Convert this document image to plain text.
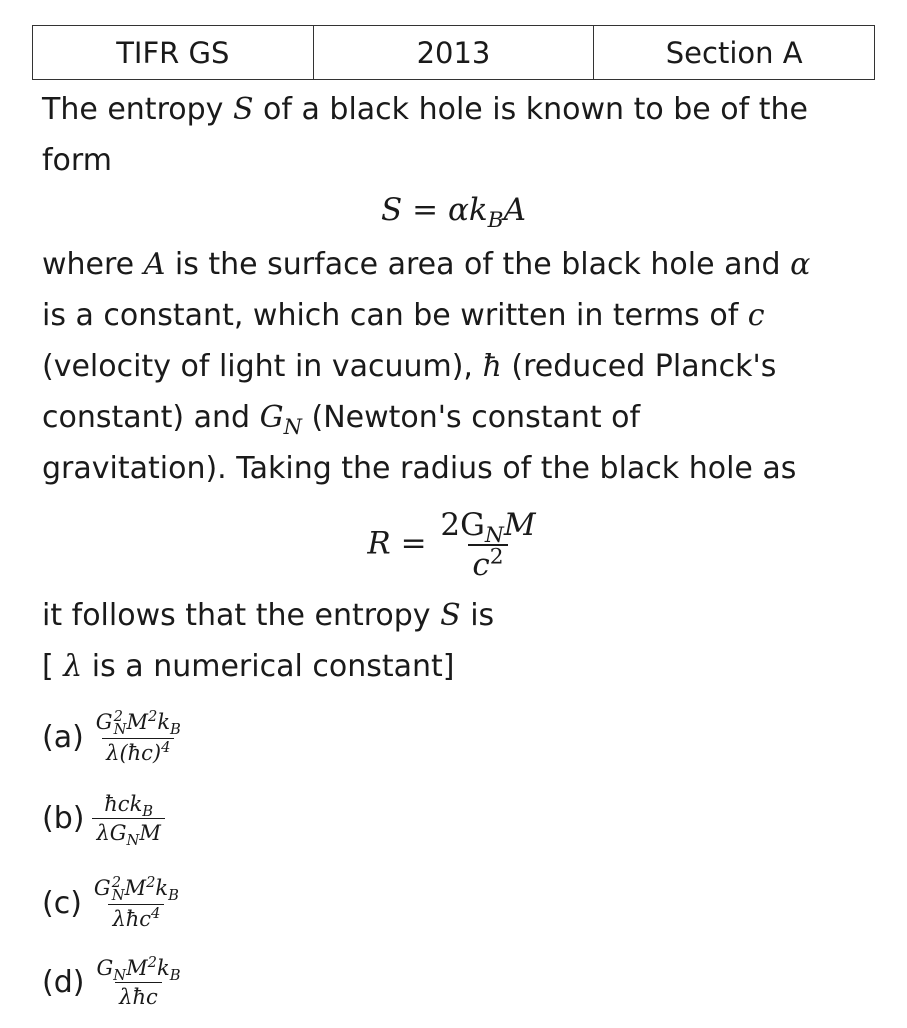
TIFR GS	2013	Section A
The entropy S of a black hole is known to be of the
form
$S = \alpha k_BA$
where A is the surface area of the black hole and α
is a constant, which can be written in terms of c
(velocity of light in vacuum), ħ (reduced Planck's
constant) and $G_N$ (Newton's constant of
gravitation). Taking the radius of the black hole as
$R = \frac{2G_NM}{c^2}$
it follows that the entropy S is
[ λ is a numerical constant]
(a) G 2
N $M^2k_B$
λ(ħc)$^4$
$(b) \frac{ħck_B}{\lambda G_NM}$
(c) G 2
N $M^2k_B$
λħc$^4$
$(d) \frac{G_NM^2k_B}{\text{λħc}}$
